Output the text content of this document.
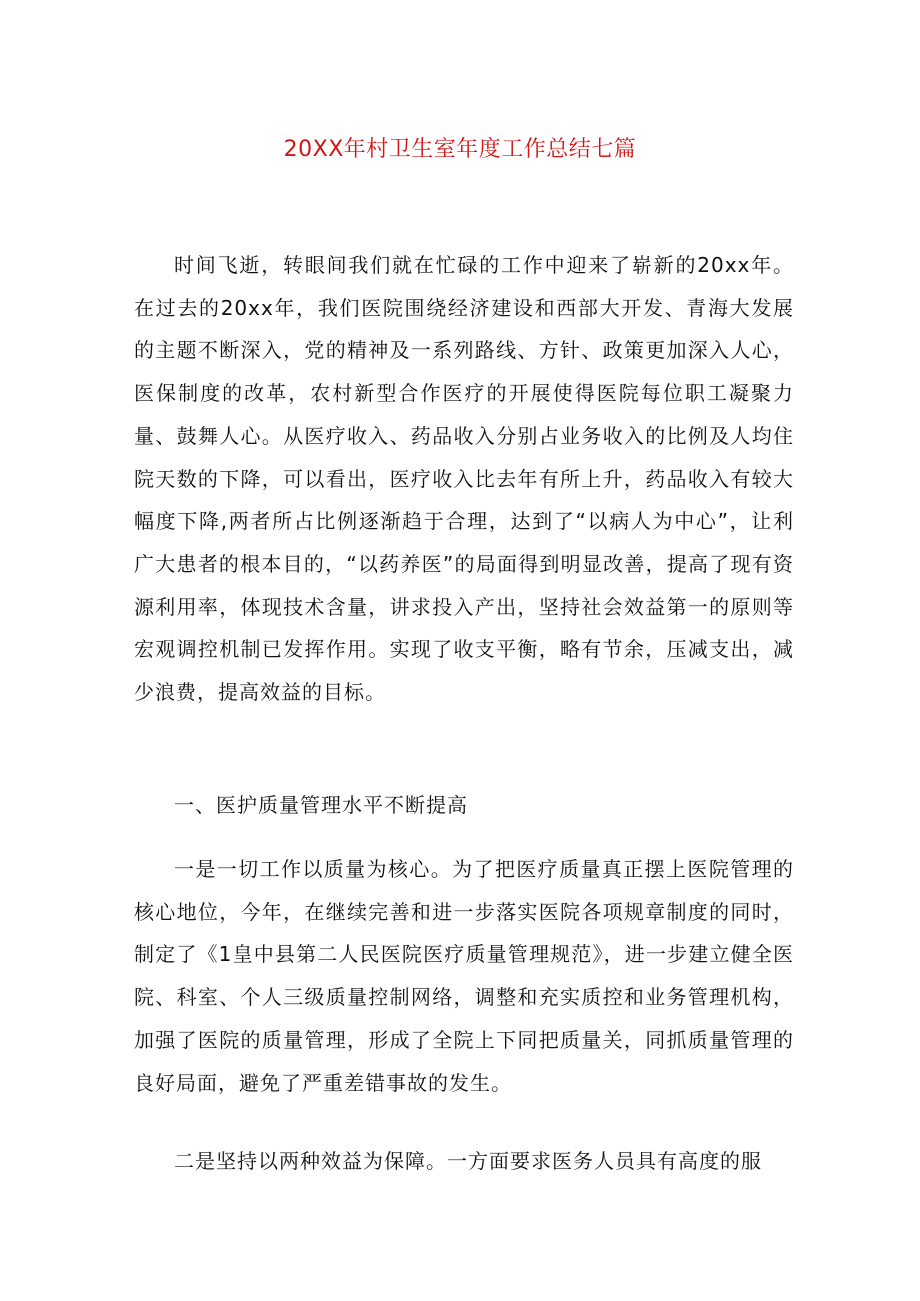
20XX年村卫生室年度工作总结七篇

时间飞逝，转眼间我们就在忙碌的工作中迎来了崭新的20xx年。在过去的20xx年，我们医院围绕经济建设和西部大开发、青海大发展的主题不断深入，党的精神及一系列路线、方针、政策更加深入人心，医保制度的改革，农村新型合作医疗的开展使得医院每位职工凝聚力量、鼓舞人心。从医疗收入、药品收入分别占业务收入的比例及人均住院天数的下降，可以看出，医疗收入比去年有所上升，药品收入有较大幅度下降,两者所占比例逐渐趋于合理，达到了“以病人为中心”，让利广大患者的根本目的，“以药养医”的局面得到明显改善，提高了现有资源利用率，体现技术含量，讲求投入产出，坚持社会效益第一的原则等宏观调控机制已发挥作用。实现了收支平衡，略有节余，压减支出，减少浪费，提高效益的目标。

一、医护质量管理水平不断提高

一是一切工作以质量为核心。为了把医疗质量真正摆上医院管理的核心地位，今年，在继续完善和进一步落实医院各项规章制度的同时，制定了《1皇中县第二人民医院医疗质量管理规范》，进一步建立健全医院、科室、个人三级质量控制网络，调整和充实质控和业务管理机构，加强了医院的质量管理，形成了全院上下同把质量关，同抓质量管理的良好局面，避免了严重差错事故的发生。

二是坚持以两种效益为保障。一方面要求医务人员具有高度的服
